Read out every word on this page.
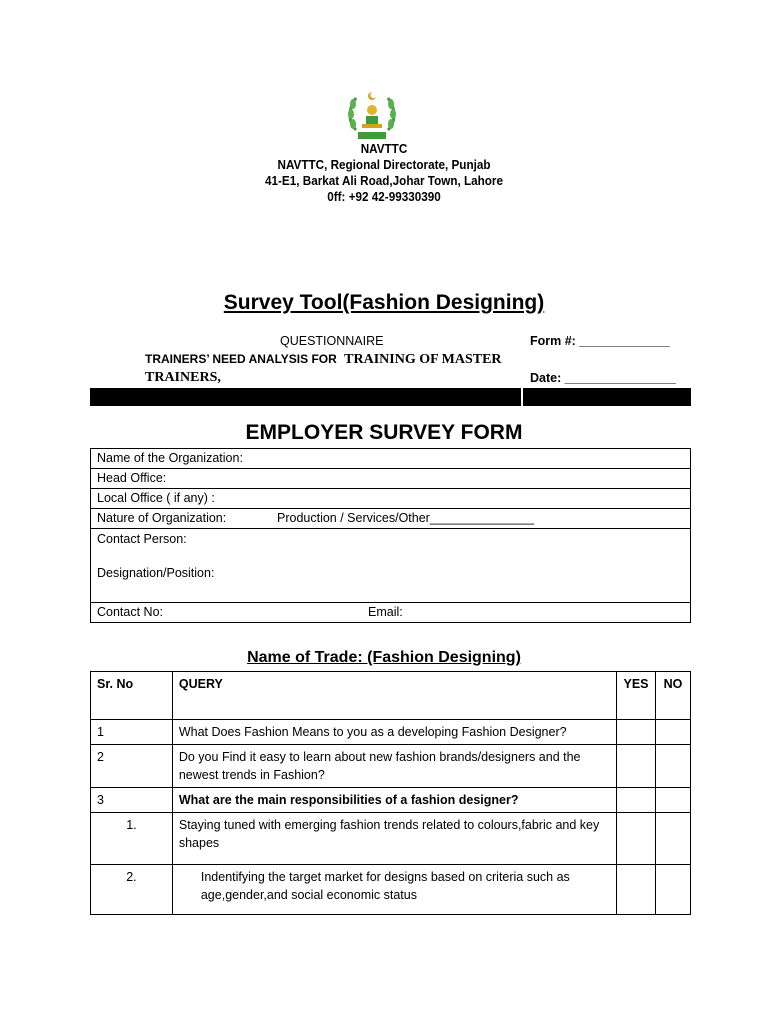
NAVTTC
NAVTTC, Regional Directorate, Punjab
41-E1, Barkat Ali Road,Johar Town, Lahore
0ff: +92 42-99330390
Survey Tool(Fashion Designing)
QUESTIONNAIRE	Form #: _____________
TRAINERS’ NEED ANALYSIS FOR TRAINING OF MASTER
TRAINERS,	Date: ________________
EMPLOYER SURVEY FORM
Name of the Organization:
Head Office:
Local Office ( if any) :
Nature of Organization:	Production / Services/Other_______________

Contact Person:
Designation/Position:

Contact No:	Email:
Name of Trade: (Fashion Designing)
Sr. No	QUERY	YES	NO
1	What Does Fashion Means to you as a developing Fashion Designer?		
2	Do you Find it easy to learn about new fashion brands/designers and the newest trends in Fashion?		
3	What are the main responsibilities of a fashion designer?		
1.	Staying tuned with emerging fashion trends related to colours,fabric and key shapes		
2.	Indentifying the target market for designs based on criteria such as age,gender,and social economic status		
